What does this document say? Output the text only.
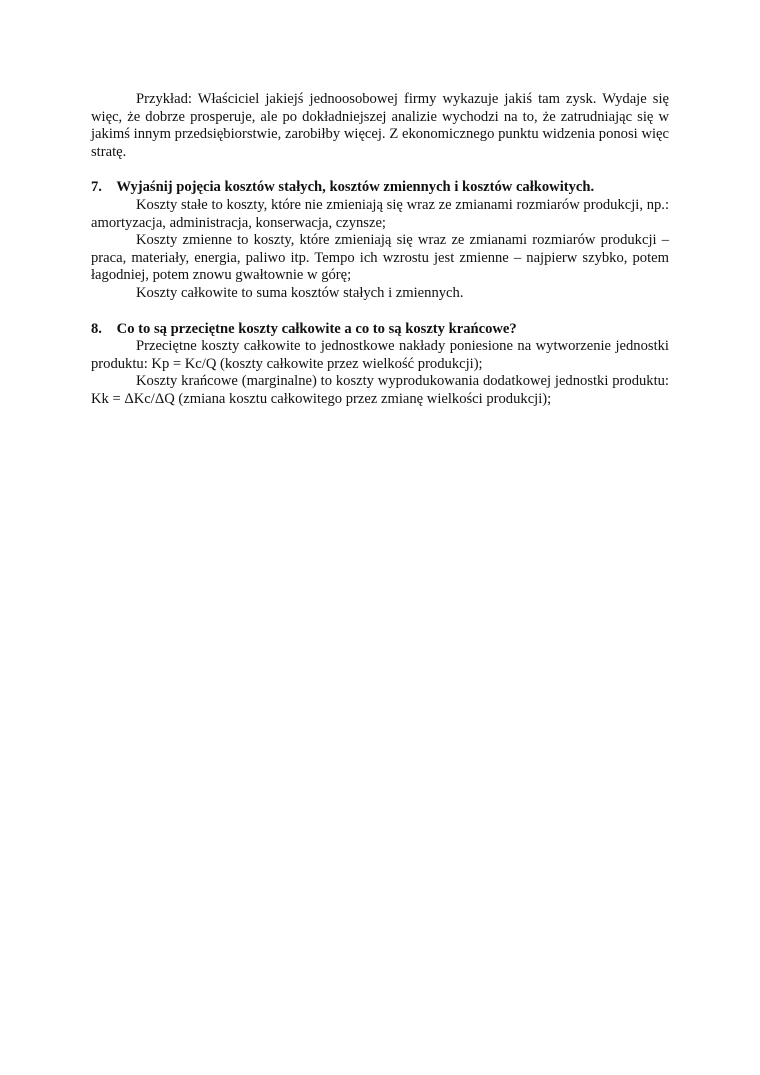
Przykład: Właściciel jakiejś jednoosobowej firmy wykazuje jakiś tam zysk. Wydaje się więc, że dobrze prosperuje, ale po dokładniejszej analizie wychodzi na to, że zatrudniając się w jakimś innym przedsiębiorstwie, zarobiłby więcej. Z ekonomicznego punktu widzenia ponosi więc stratę.

7. Wyjaśnij pojęcia kosztów stałych, kosztów zmiennych i kosztów całkowitych.

Koszty stałe to koszty, które nie zmieniają się wraz ze zmianami rozmiarów produkcji, np.: amortyzacja, administracja, konserwacja, czynsze;

Koszty zmienne to koszty, które zmieniają się wraz ze zmianami rozmiarów produkcji – praca, materiały, energia, paliwo itp. Tempo ich wzrostu jest zmienne – najpierw szybko, potem łagodniej, potem znowu gwałtownie w górę;

Koszty całkowite to suma kosztów stałych i zmiennych.

8. Co to są przeciętne koszty całkowite a co to są koszty krańcowe?

Przeciętne koszty całkowite to jednostkowe nakłady poniesione na wytworzenie jednostki produktu: Kp = Kc/Q (koszty całkowite przez wielkość produkcji);

Koszty krańcowe (marginalne) to koszty wyprodukowania dodatkowej jednostki produktu: Kk = ΔKc/ΔQ (zmiana kosztu całkowitego przez zmianę wielkości produkcji);
